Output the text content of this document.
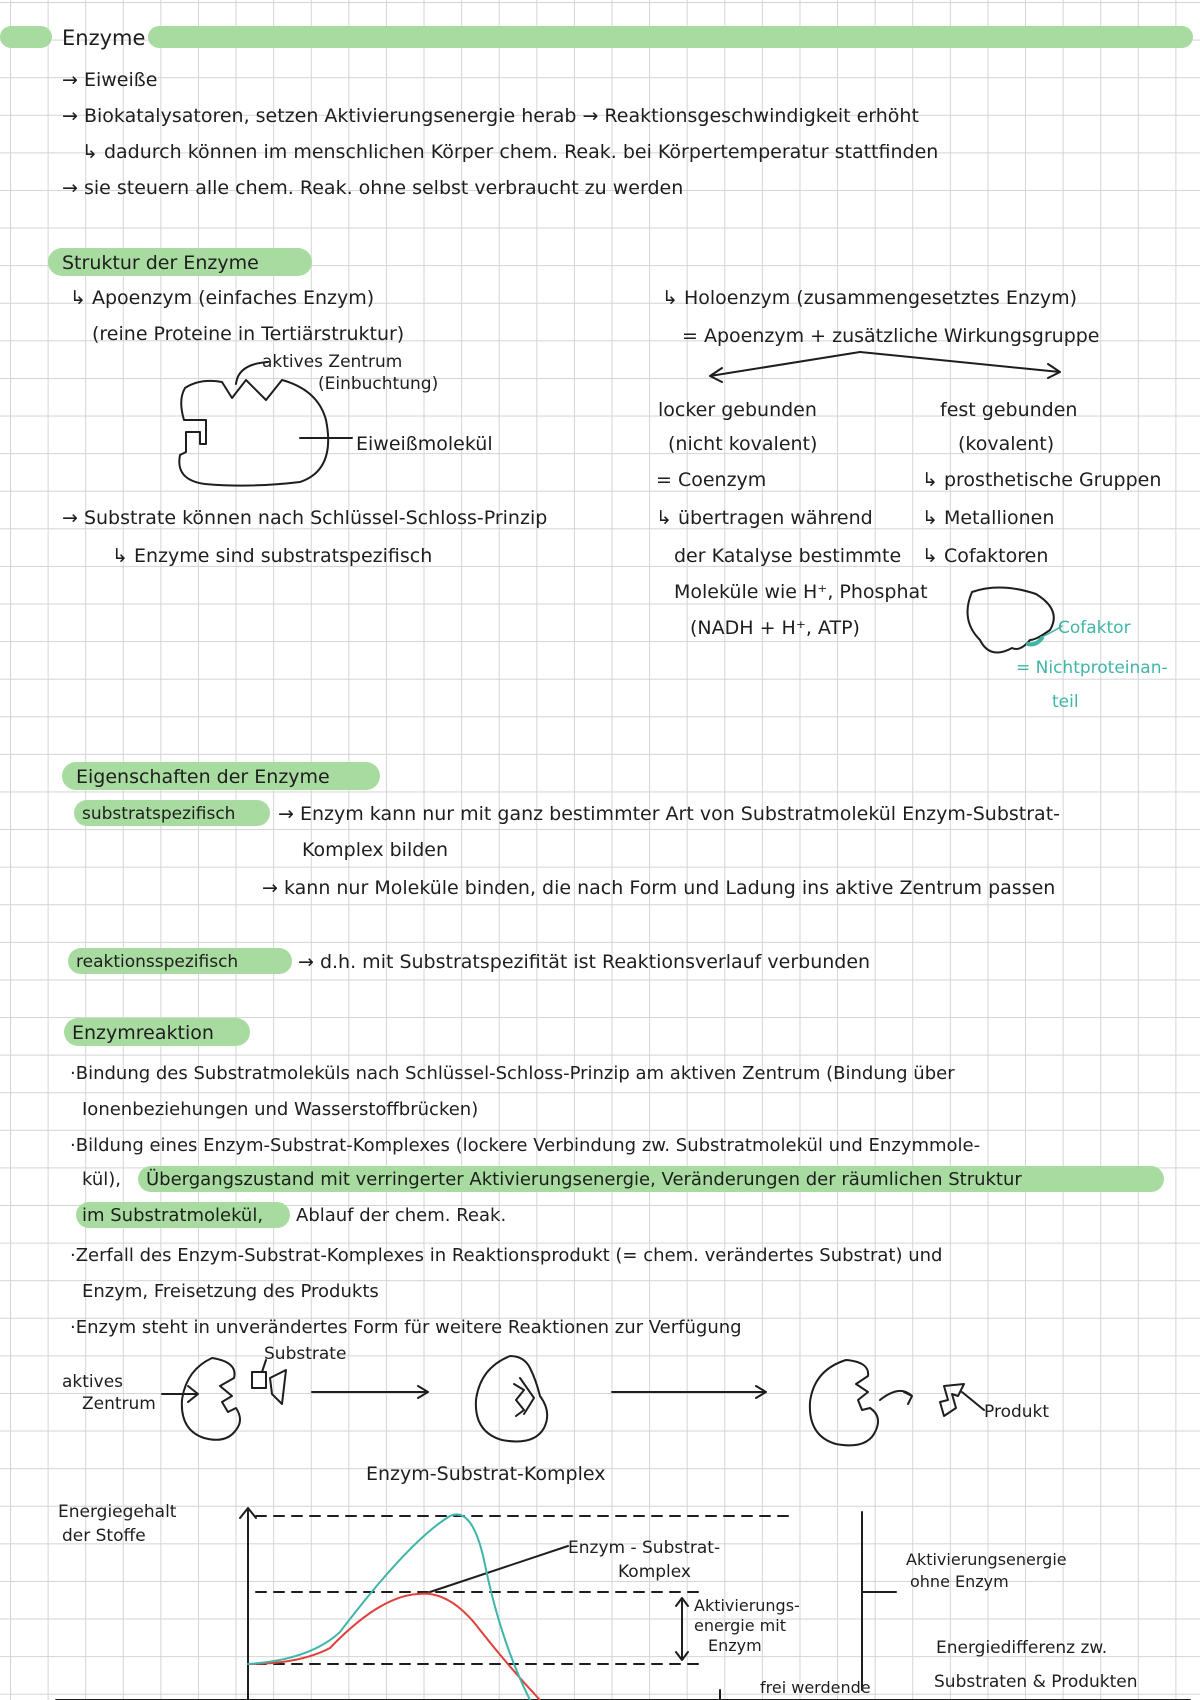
Enzyme
→ Eiweiße
→ Biokatalysatoren, setzen Aktivierungsenergie herab → Reaktionsgeschwindigkeit erhöht
↳ dadurch können im menschlichen Körper chem. Reak. bei Körpertemperatur stattfinden
→ sie steuern alle chem. Reak. ohne selbst verbraucht zu werden
Struktur der Enzyme
↳ Apoenzym (einfaches Enzym)
(reine Proteine in Tertiärstruktur)
aktives Zentrum
(Einbuchtung)
Eiweißmolekül
↳ Holoenzym (zusammengesetztes Enzym)
= Apoenzym + zusätzliche Wirkungsgruppe
locker gebunden
(nicht kovalent)
= Coenzym
↳ übertragen während
der Katalyse bestimmte
Moleküle wie H⁺, Phosphat
(NADH + H⁺, ATP)
fest gebunden
(kovalent)
↳ prosthetische Gruppen
↳ Metallionen
↳ Cofaktoren
Cofaktor
= Nichtproteinan-
teil
→ Substrate können nach Schlüssel-Schloss-Prinzip
↳ Enzyme sind substratspezifisch
Eigenschaften der Enzyme
substratspezifisch → Enzym kann nur mit ganz bestimmter Art von Substratmolekül Enzym-Substrat-
Komplex bilden
→ kann nur Moleküle binden, die nach Form und Ladung ins aktive Zentrum passen
reaktionsspezifisch	→ d.h. mit Substratspezifität ist Reaktionsverlauf verbunden
Enzymreaktion
·Bindung des Substratmoleküls nach Schlüssel-Schloss-Prinzip am aktiven Zentrum (Bindung über
Ionenbeziehungen und Wasserstoffbrücken)
·Bildung eines Enzym-Substrat-Komplexes (lockere Verbindung zw. Substratmolekül und Enzymmole-
kül), Übergangszustand mit verringerter Aktivierungsenergie, Veränderungen der räumlichen Struktur
im Substratmolekül, Ablauf der chem. Reak.
·Zerfall des Enzym-Substrat-Komplexes in Reaktionsprodukt (= chem. verändertes Substrat) und
Enzym, Freisetzung des Produkts
·Enzym steht in unverändertes Form für weitere Reaktionen zur Verfügung
Substrate
aktives
Zentrum	Produkt
Enzym-Substrat-Komplex
Energiegehalt
der Stoffe
Enzym - Substrat-
Komplex
Aktivierungs-
energie mit
Enzym
Aktivierungsenergie
ohne Enzym
Energiedifferenz zw.
Substraten & Produkten
frei werdende
